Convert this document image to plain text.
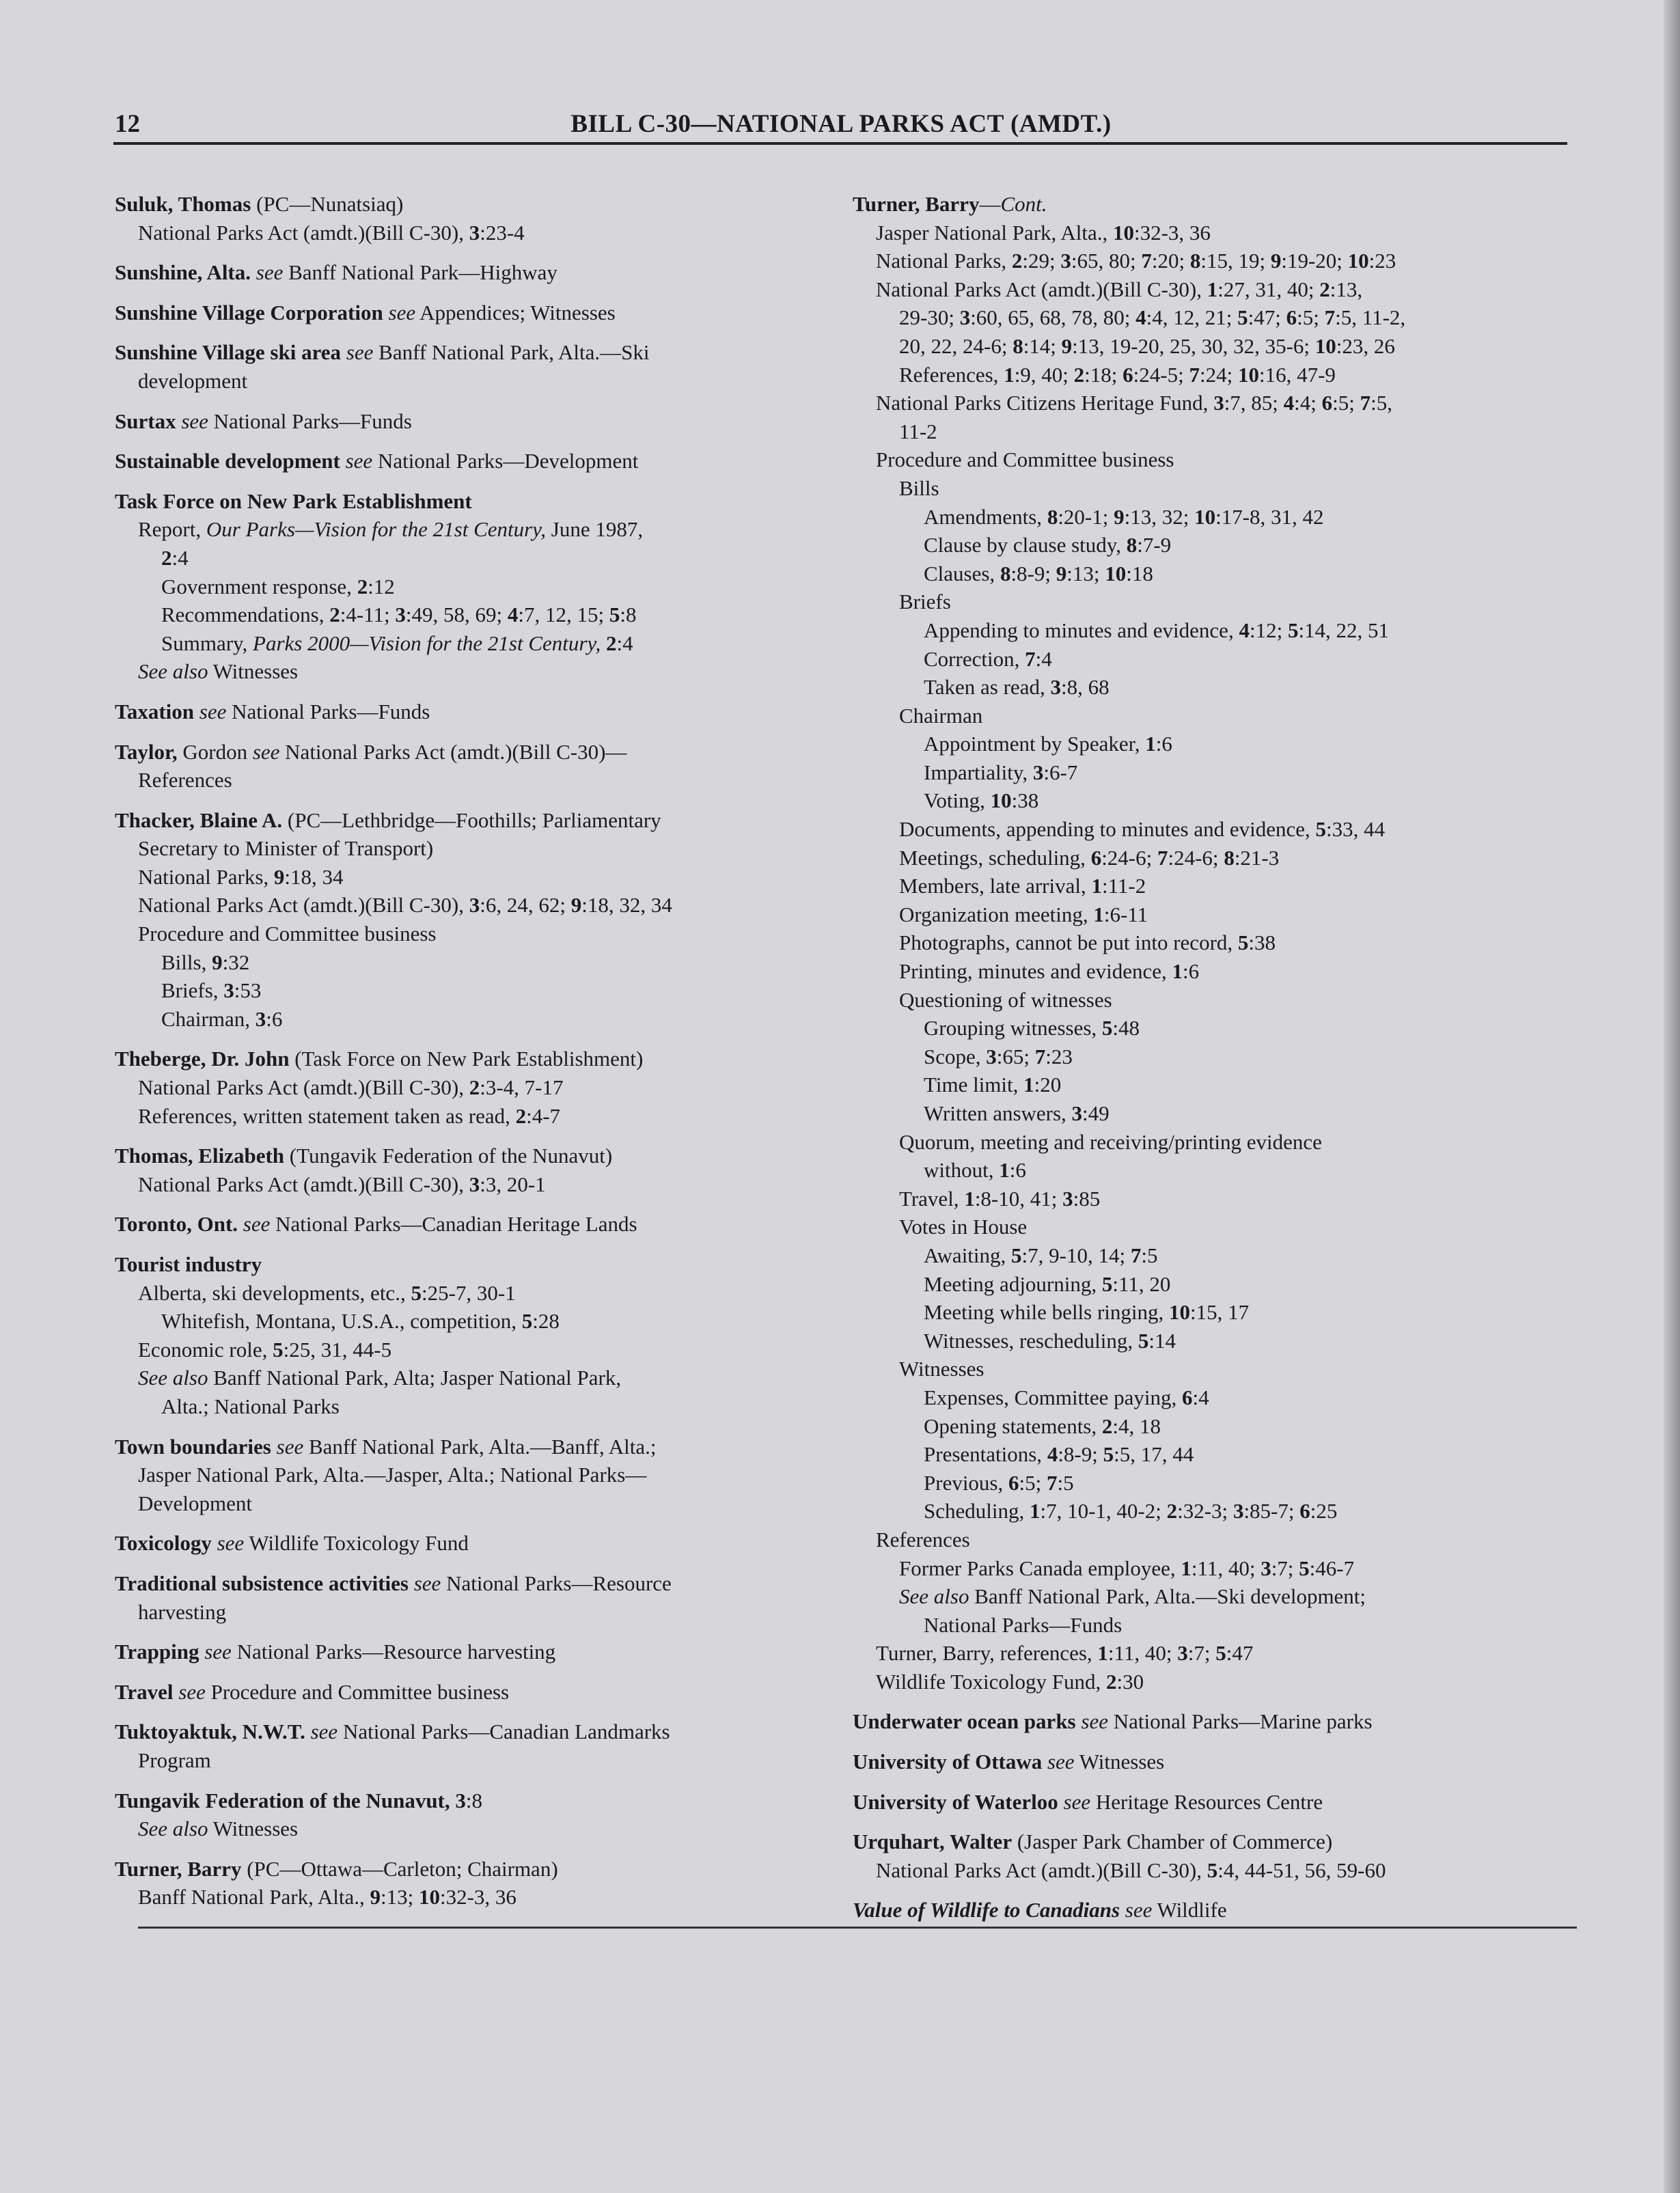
12	BILL C-30—NATIONAL PARKS ACT (AMDT.)
Suluk, Thomas (PC—Nunatsiaq)
National Parks Act (amdt.)(Bill C-30), 3:23-4
Sunshine, Alta. see Banff National Park—Highway
Sunshine Village Corporation see Appendices; Witnesses
Sunshine Village ski area see Banff National Park, Alta.—Ski
development
Surtax see National Parks—Funds
Sustainable development see National Parks—Development
Task Force on New Park Establishment
Report, Our Parks—Vision for the 21st Century, June 1987,
2:4
Government response, 2:12
Recommendations, 2:4-11; 3:49, 58, 69; 4:7, 12, 15; 5:8
Summary, Parks 2000—Vision for the 21st Century, 2:4
See also Witnesses
Taxation see National Parks—Funds
Taylor, Gordon see National Parks Act (amdt.)(Bill C-30)—
References
Thacker, Blaine A. (PC—Lethbridge—Foothills; Parliamentary
Secretary to Minister of Transport)
National Parks, 9:18, 34
National Parks Act (amdt.)(Bill C-30), 3:6, 24, 62; 9:18, 32, 34
Procedure and Committee business
Bills, 9:32
Briefs, 3:53
Chairman, 3:6
Theberge, Dr. John (Task Force on New Park Establishment)
National Parks Act (amdt.)(Bill C-30), 2:3-4, 7-17
References, written statement taken as read, 2:4-7
Thomas, Elizabeth (Tungavik Federation of the Nunavut)
National Parks Act (amdt.)(Bill C-30), 3:3, 20-1
Toronto, Ont. see National Parks—Canadian Heritage Lands
Tourist industry
Alberta, ski developments, etc., 5:25-7, 30-1
Whitefish, Montana, U.S.A., competition, 5:28
Economic role, 5:25, 31, 44-5
See also Banff National Park, Alta; Jasper National Park,
Alta.; National Parks
Town boundaries see Banff National Park, Alta.—Banff, Alta.;
Jasper National Park, Alta.—Jasper, Alta.; National Parks—
Development
Toxicology see Wildlife Toxicology Fund
Traditional subsistence activities see National Parks—Resource
harvesting
Trapping see National Parks—Resource harvesting
Travel see Procedure and Committee business
Tuktoyaktuk, N.W.T. see National Parks—Canadian Landmarks
Program
Tungavik Federation of the Nunavut, 3:8
See also Witnesses
Turner, Barry (PC—Ottawa—Carleton; Chairman)
Banff National Park, Alta., 9:13; 10:32-3, 36
Turner, Barry—Cont.
Jasper National Park, Alta., 10:32-3, 36
National Parks, 2:29; 3:65, 80; 7:20; 8:15, 19; 9:19-20; 10:23
National Parks Act (amdt.)(Bill C-30), 1:27, 31, 40; 2:13,
29-30; 3:60, 65, 68, 78, 80; 4:4, 12, 21; 5:47; 6:5; 7:5, 11-2,
20, 22, 24-6; 8:14; 9:13, 19-20, 25, 30, 32, 35-6; 10:23, 26
References, 1:9, 40; 2:18; 6:24-5; 7:24; 10:16, 47-9
National Parks Citizens Heritage Fund, 3:7, 85; 4:4; 6:5; 7:5,
11-2
Procedure and Committee business
Bills
Amendments, 8:20-1; 9:13, 32; 10:17-8, 31, 42
Clause by clause study, 8:7-9
Clauses, 8:8-9; 9:13; 10:18
Briefs
Appending to minutes and evidence, 4:12; 5:14, 22, 51
Correction, 7:4
Taken as read, 3:8, 68
Chairman
Appointment by Speaker, 1:6
Impartiality, 3:6-7
Voting, 10:38
Documents, appending to minutes and evidence, 5:33, 44
Meetings, scheduling, 6:24-6; 7:24-6; 8:21-3
Members, late arrival, 1:11-2
Organization meeting, 1:6-11
Photographs, cannot be put into record, 5:38
Printing, minutes and evidence, 1:6
Questioning of witnesses
Grouping witnesses, 5:48
Scope, 3:65; 7:23
Time limit, 1:20
Written answers, 3:49
Quorum, meeting and receiving/printing evidence
without, 1:6
Travel, 1:8-10, 41; 3:85
Votes in House
Awaiting, 5:7, 9-10, 14; 7:5
Meeting adjourning, 5:11, 20
Meeting while bells ringing, 10:15, 17
Witnesses, rescheduling, 5:14
Witnesses
Expenses, Committee paying, 6:4
Opening statements, 2:4, 18
Presentations, 4:8-9; 5:5, 17, 44
Previous, 6:5; 7:5
Scheduling, 1:7, 10-1, 40-2; 2:32-3; 3:85-7; 6:25
References
Former Parks Canada employee, 1:11, 40; 3:7; 5:46-7
See also Banff National Park, Alta.—Ski development;
National Parks—Funds
Turner, Barry, references, 1:11, 40; 3:7; 5:47
Wildlife Toxicology Fund, 2:30
Underwater ocean parks see National Parks—Marine parks
University of Ottawa see Witnesses
University of Waterloo see Heritage Resources Centre
Urquhart, Walter (Jasper Park Chamber of Commerce)
National Parks Act (amdt.)(Bill C-30), 5:4, 44-51, 56, 59-60
Value of Wildlife to Canadians see Wildlife
